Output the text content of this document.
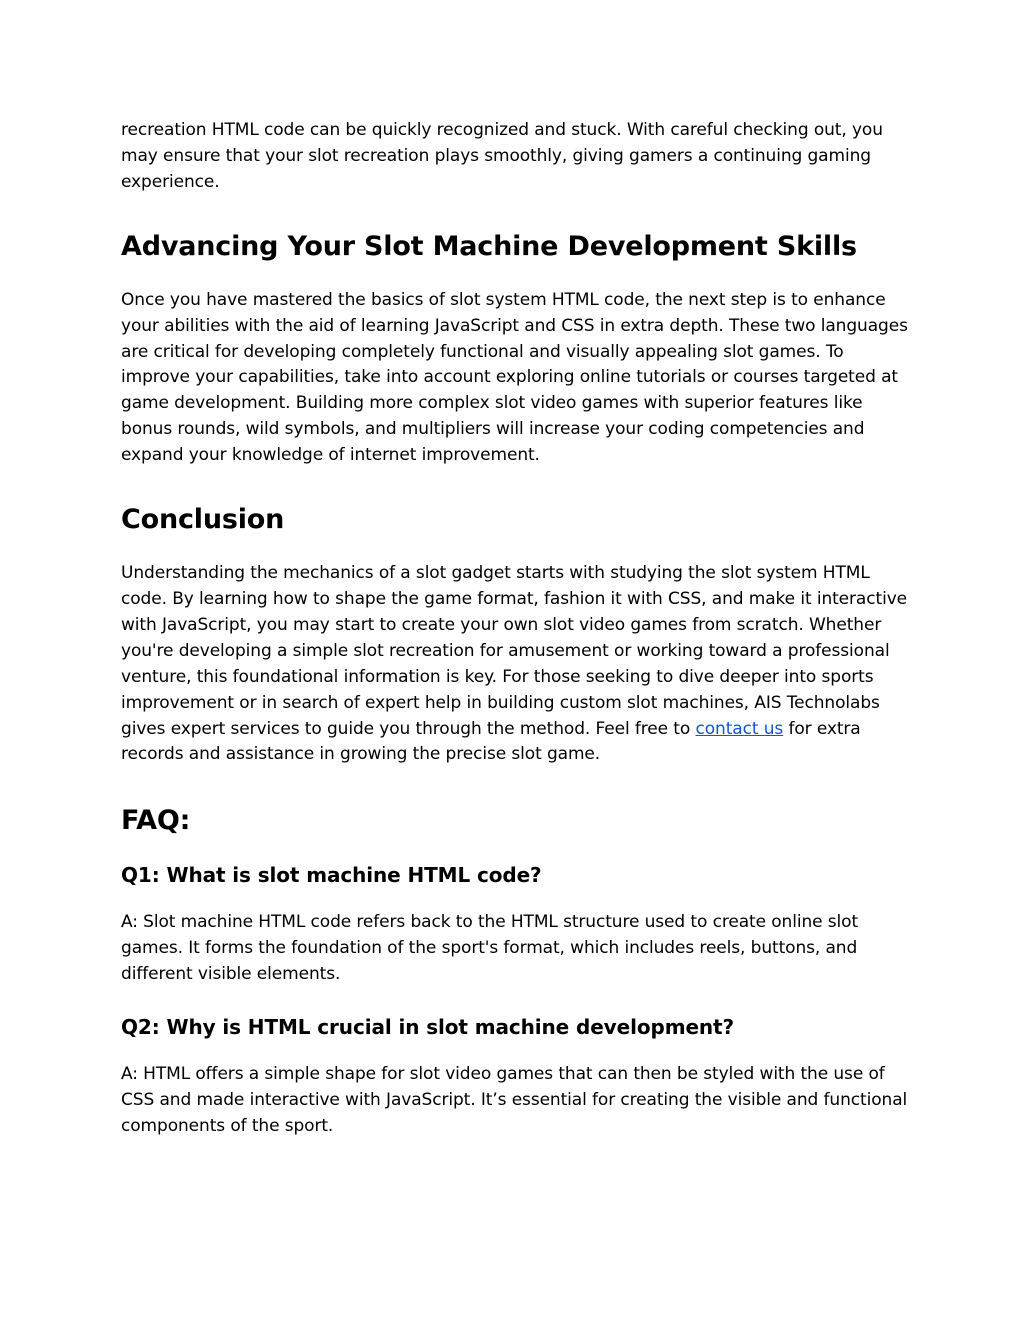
recreation HTML code can be quickly recognized and stuck. With careful checking out, you may ensure that your slot recreation plays smoothly, giving gamers a continuing gaming experience.

Advancing Your Slot Machine Development Skills

Once you have mastered the basics of slot system HTML code, the next step is to enhance your abilities with the aid of learning JavaScript and CSS in extra depth. These two languages are critical for developing completely functional and visually appealing slot games. To improve your capabilities, take into account exploring online tutorials or courses targeted at game development. Building more complex slot video games with superior features like bonus rounds, wild symbols, and multipliers will increase your coding competencies and expand your knowledge of internet improvement.

Conclusion

Understanding the mechanics of a slot gadget starts with studying the slot system HTML code. By learning how to shape the game format, fashion it with CSS, and make it interactive with JavaScript, you may start to create your own slot video games from scratch. Whether you're developing a simple slot recreation for amusement or working toward a professional venture, this foundational information is key. For those seeking to dive deeper into sports improvement or in search of expert help in building custom slot machines, AIS Technolabs gives expert services to guide you through the method. Feel free to contact us for extra records and assistance in growing the precise slot game.

FAQ:
Q1: What is slot machine HTML code?

A: Slot machine HTML code refers back to the HTML structure used to create online slot games. It forms the foundation of the sport's format, which includes reels, buttons, and different visible elements.

Q2: Why is HTML crucial in slot machine development?

A: HTML offers a simple shape for slot video games that can then be styled with the use of CSS and made interactive with JavaScript. It’s essential for creating the visible and functional components of the sport.
